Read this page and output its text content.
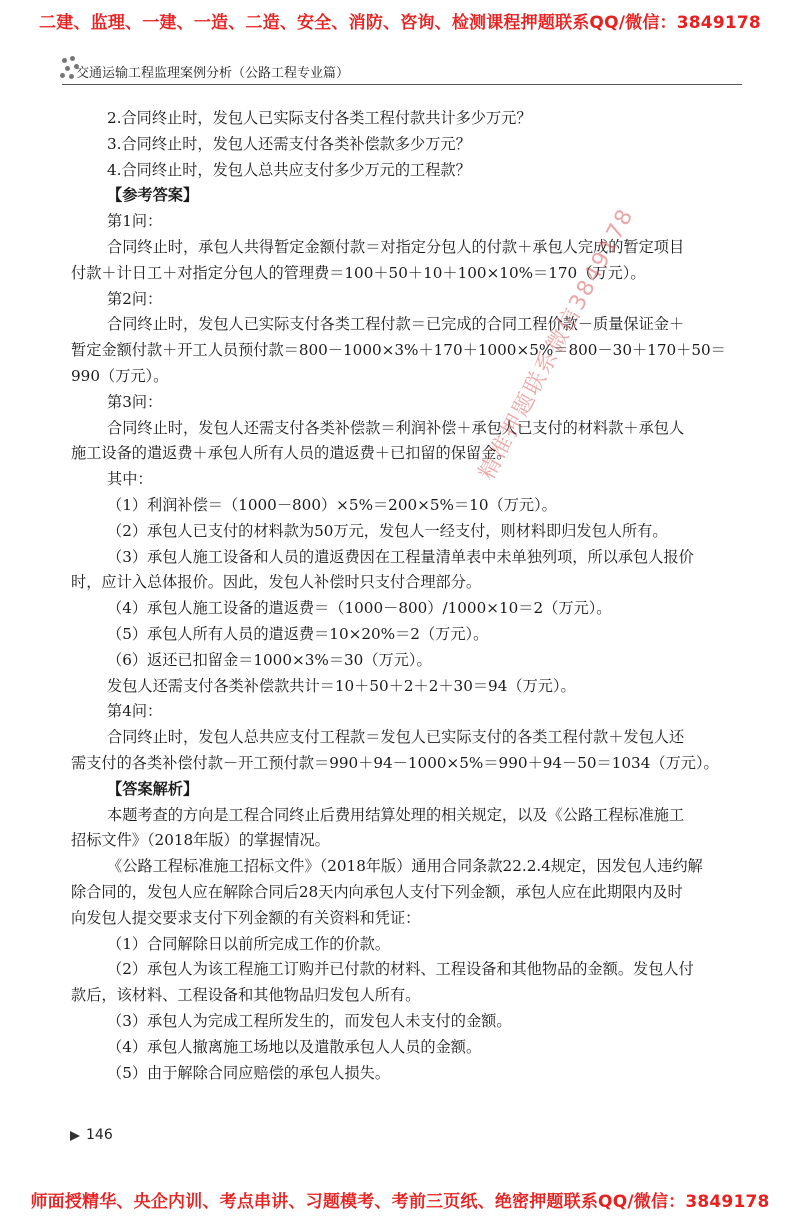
二建、监理、一建、一造、二造、安全、消防、咨询、检测课程押题联系QQ/微信：3849178
交通运输工程监理案例分析（公路工程专业篇）
2.合同终止时，发包人已实际支付各类工程付款共计多少万元？
3.合同终止时，发包人还需支付各类补偿款多少万元？
4.合同终止时，发包人总共应支付多少万元的工程款？
【参考答案】
第1问：
合同终止时，承包人共得暂定金额付款＝对指定分包人的付款＋承包人完成的暂定项目
付款＋计日工＋对指定分包人的管理费＝100＋50＋10＋100×10%＝170（万元）。
第2问：
合同终止时，发包人已实际支付各类工程付款＝已完成的合同工程价款－质量保证金＋
暂定金额付款＋开工人员预付款＝800－1000×3%＋170＋1000×5%＝800－30＋170＋50＝
990（万元）。
第3问：
合同终止时，发包人还需支付各类补偿款＝利润补偿＋承包人已支付的材料款＋承包人
施工设备的遣返费＋承包人所有人员的遣返费＋已扣留的保留金。
其中：
（1）利润补偿＝（1000－800）×5%＝200×5%＝10（万元）。
（2）承包人已支付的材料款为50万元，发包人一经支付，则材料即归发包人所有。
（3）承包人施工设备和人员的遣返费因在工程量清单表中未单独列项，所以承包人报价
时，应计入总体报价。因此，发包人补偿时只支付合理部分。
（4）承包人施工设备的遣返费＝（1000－800）/1000×10＝2（万元）。
（5）承包人所有人员的遣返费＝10×20%＝2（万元）。
（6）返还已扣留金＝1000×3%＝30（万元）。
发包人还需支付各类补偿款共计＝10＋50＋2＋2＋30＝94（万元）。
第4问：
合同终止时，发包人总共应支付工程款＝发包人已实际支付的各类工程付款＋发包人还
需支付的各类补偿付款－开工预付款＝990＋94－1000×5%＝990＋94－50＝1034（万元）。
【答案解析】
本题考查的方向是工程合同终止后费用结算处理的相关规定，以及《公路工程标准施工
招标文件》（2018年版）的掌握情况。
《公路工程标准施工招标文件》（2018年版）通用合同条款22.2.4规定，因发包人违约解
除合同的，发包人应在解除合同后28天内向承包人支付下列金额，承包人应在此期限内及时
向发包人提交要求支付下列金额的有关资料和凭证：
（1）合同解除日以前所完成工作的价款。
（2）承包人为该工程施工订购并已付款的材料、工程设备和其他物品的金额。发包人付
款后，该材料、工程设备和其他物品归发包人所有。
（3）承包人为完成工程所发生的，而发包人未支付的金额。
（4）承包人撤离施工场地以及遣散承包人人员的金额。
（5）由于解除合同应赔偿的承包人损失。
精准押题联系微信3849178
146
师面授精华、央企内训、考点串讲、习题模考、考前三页纸、绝密押题联系QQ/微信：3849178
